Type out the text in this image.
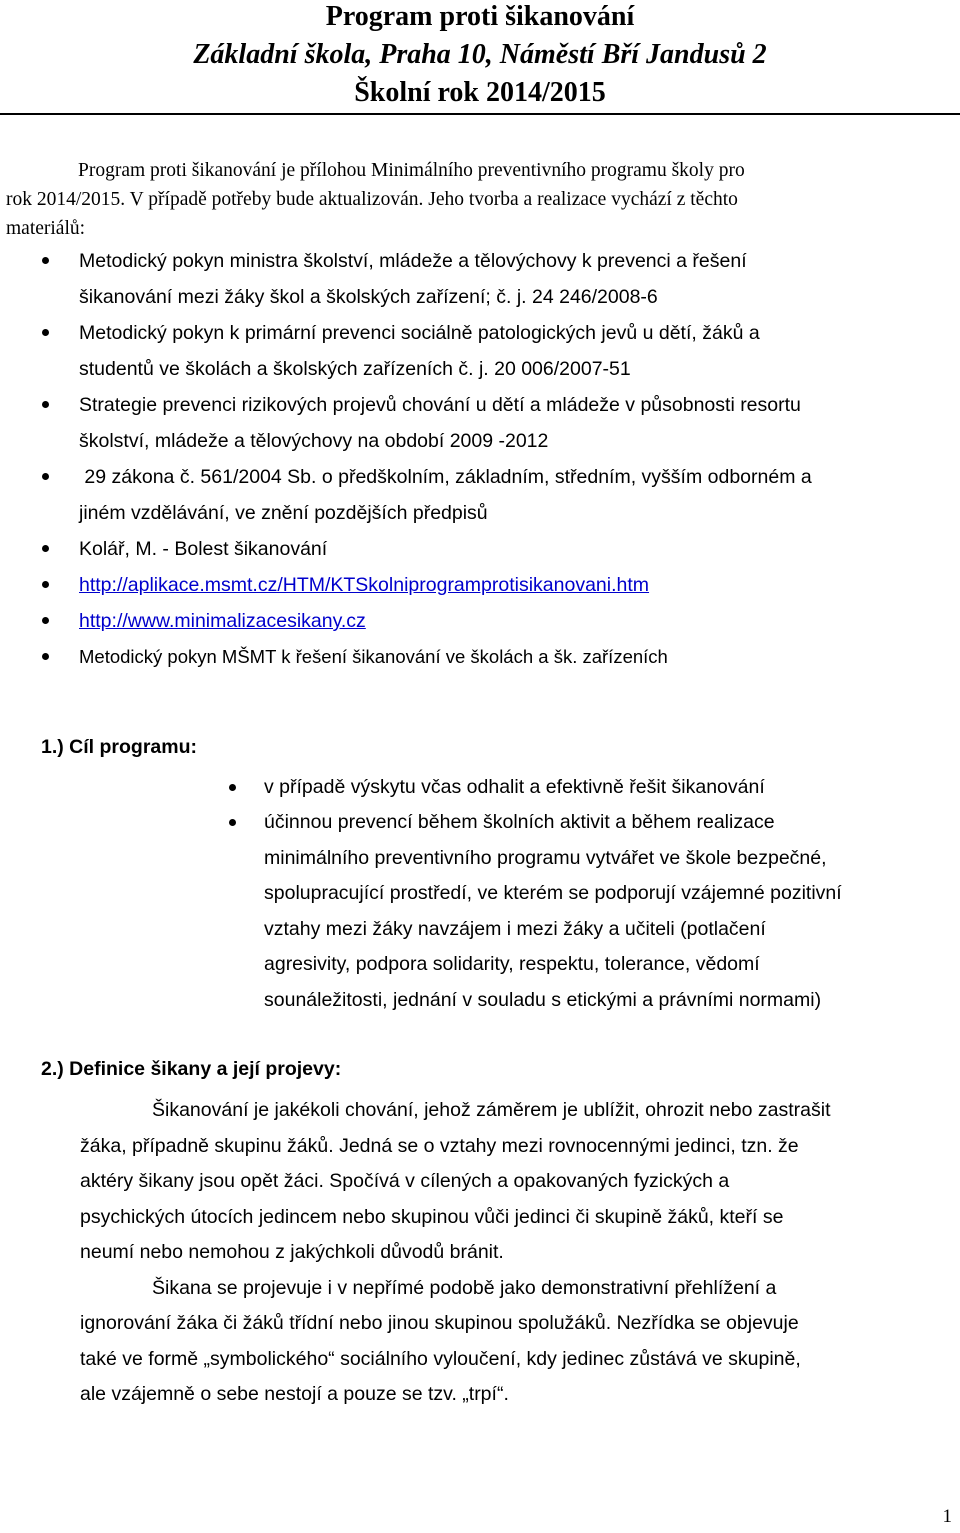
Program proti šikanování
Základní škola, Praha 10, Náměstí Bří Jandusů 2
Školní rok 2014/2015
Program proti šikanování je přílohou Minimálního preventivního programu školy pro
rok 2014/2015. V případě potřeby bude aktualizován. Jeho tvorba a realizace vychází z těchto
materiálů:
Metodický pokyn ministra školství, mládeže a tělovýchovy k prevenci a řešení
šikanování mezi žáky škol a školských zařízení; č. j. 24 246/2008-6
Metodický pokyn k primární prevenci sociálně patologických jevů u dětí, žáků a
studentů ve školách a školských zařízeních č. j. 20 006/2007-51
Strategie prevenci rizikových projevů chování u dětí a mládeže v působnosti resortu
školství, mládeže a tělovýchovy na období 2009 -2012
29 zákona č. 561/2004 Sb. o předškolním, základním, středním, vyšším odborném a
jiném vzdělávání, ve znění pozdějších předpisů
Kolář, M. - Bolest šikanování
http://aplikace.msmt.cz/HTM/KTSkolniprogramprotisikanovani.htm
http://www.minimalizacesikany.cz
Metodický pokyn MŠMT k řešení šikanování ve školách a šk. zařízeních
1.) Cíl programu:
v případě výskytu včas odhalit a efektivně řešit šikanování
účinnou prevencí během školních aktivit a během realizace
minimálního preventivního programu vytvářet ve škole bezpečné,
spolupracující prostředí, ve kterém se podporují vzájemné pozitivní
vztahy mezi žáky navzájem i mezi žáky a učiteli (potlačení
agresivity, podpora solidarity, respektu, tolerance, vědomí
sounáležitosti, jednání v souladu s etickými a právními normami)
2.) Definice šikany a její projevy:

Šikanování je jakékoli chování, jehož záměrem je ublížit, ohrozit nebo zastrašit
žáka, případně skupinu žáků. Jedná se o vztahy mezi rovnocennými jedinci, tzn. že
aktéry šikany jsou opět žáci. Spočívá v cílených a opakovaných fyzických a
psychických útocích jedincem nebo skupinou vůči jedinci či skupině žáků, kteří se
neumí nebo nemohou z jakýchkoli důvodů bránit.

Šikana se projevuje i v nepřímé podobě jako demonstrativní přehlížení a
ignorování žáka či žáků třídní nebo jinou skupinou spolužáků. Nezřídka se objevuje
také ve formě „symbolického“ sociálního vyloučení, kdy jedinec zůstává ve skupině,
ale vzájemně o sebe nestojí a pouze se tzv. „trpí“.

1
